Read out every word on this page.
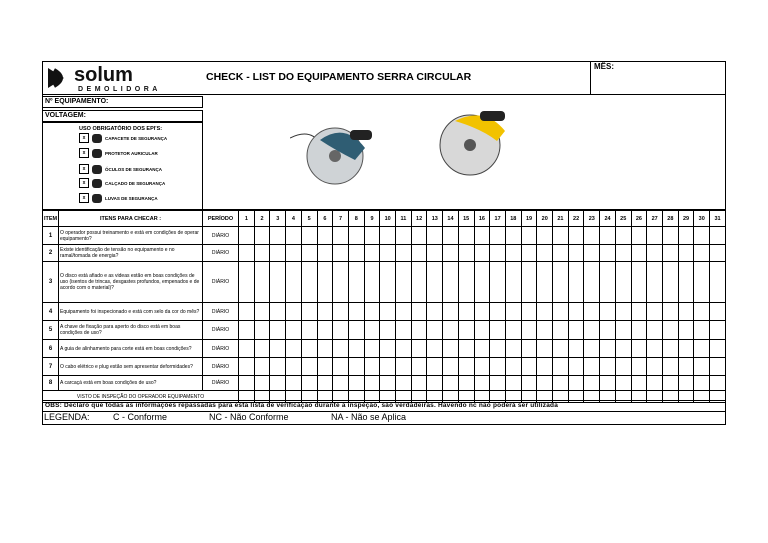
solum
DEMOLIDORA
CHECK - LIST DO EQUIPAMENTO SERRA CIRCULAR
MÊS:
Nº EQUIPAMENTO:
VOLTAGEM:
USO OBRIGATÓRIO DOS EPI'S:
x	CAPACETE DE SEGURANÇA
x	PROTETOR AURICULAR
x	ÓCULOS DE SEGURANÇA
x	CALÇADO DE SEGURANÇA
x	LUVAS DE SEGURANÇA
ITEM	ITENS PARA CHECAR :	PERÍODO	1	2	3	4	5	6	7	8	9	10	11	12	13	14	15	16	17	18	19	20	21	22	23	24	25	26	27	28	29	30	31
1	O operador possui treinamento e está em condições de operar equipamento?	DIÁRIO																															
2	Existe identificação de tensão no equipamento e no ramal/tomada de energia?	DIÁRIO																															
3	O disco está afiado e as videas estão em boas condições de uso (isentos de trincas, desgastes profundos, empenados e de acordo com o material)?	DIÁRIO																															
4	Equipamento foi inspecionado e está com selo da cor do mês?	DIÁRIO																															
5	A chave de fixação para aperto do disco está em boas condições de uso?	DIÁRIO																															
6	A guia de alinhamento para corte está em boas condições?	DIÁRIO																															
7	O cabo elétrico e plug estão sem apresentar deformidades?	DIÁRIO																															
8	A carcaçá está em boas condições de uso?	DIÁRIO																															
VISTO DE INSPEÇÃO DO OPERADOR EQUIPAMENTO																																	
OBS: Declaro que todas as informações repassadas para esta lista de verificação durante a inspeção, são verdadeiras. Havendo nc não poderá ser utilizada
LEGENDA:	C - Conforme	NC - Não Conforme	NA - Não se Aplica
